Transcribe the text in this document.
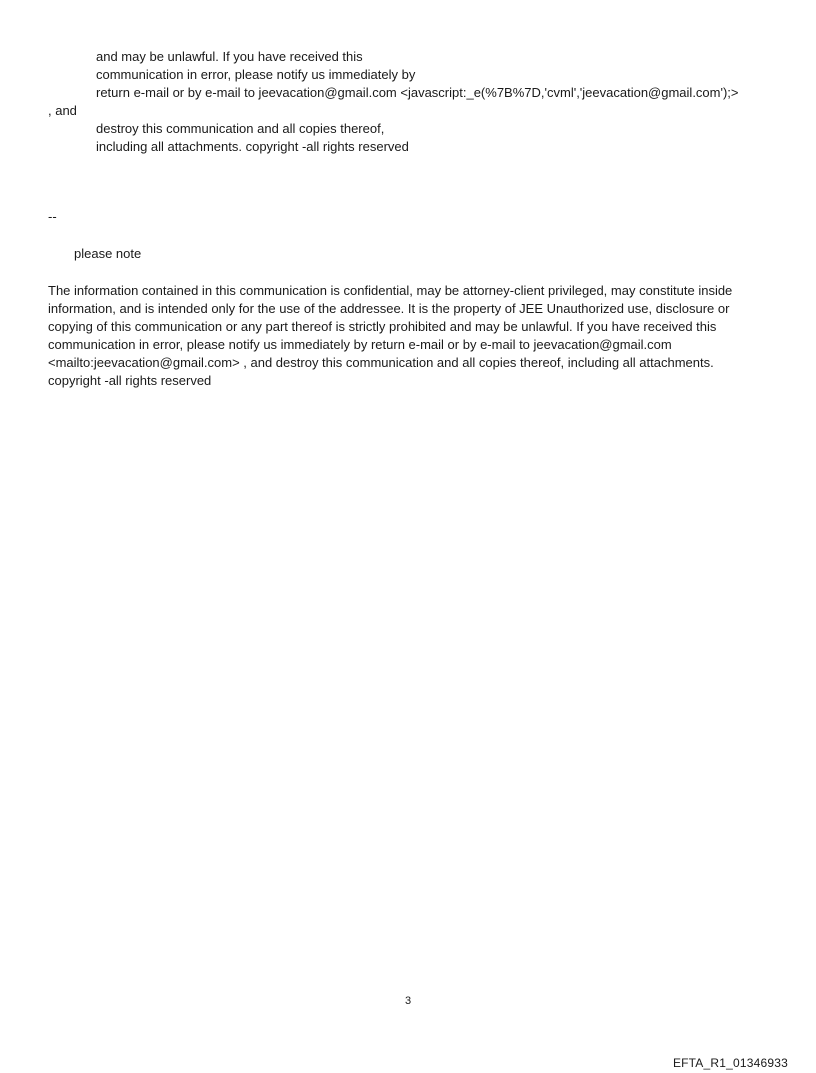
and may be unlawful. If you have received this
communication in error, please notify us immediately by
return e-mail or by e-mail to jeevacation@gmail.com <javascript:_e(%7B%7D,'cvml','jeevacation@gmail.com');>
, and
destroy this communication and all copies thereof,
including all attachments. copyright -all rights reserved
--
please note

The information contained in this communication is confidential, may be attorney-client privileged, may constitute inside information, and is intended only for the use of the addressee. It is the property of JEE Unauthorized use, disclosure or copying of this communication or any part thereof is strictly prohibited and may be unlawful. If you have received this communication in error, please notify us immediately by return e-mail or by e-mail to jeevacation@gmail.com <mailto:jeevacation@gmail.com> , and destroy this communication and all copies thereof, including all attachments. copyright -all rights reserved

3
EFTA_R1_01346933
